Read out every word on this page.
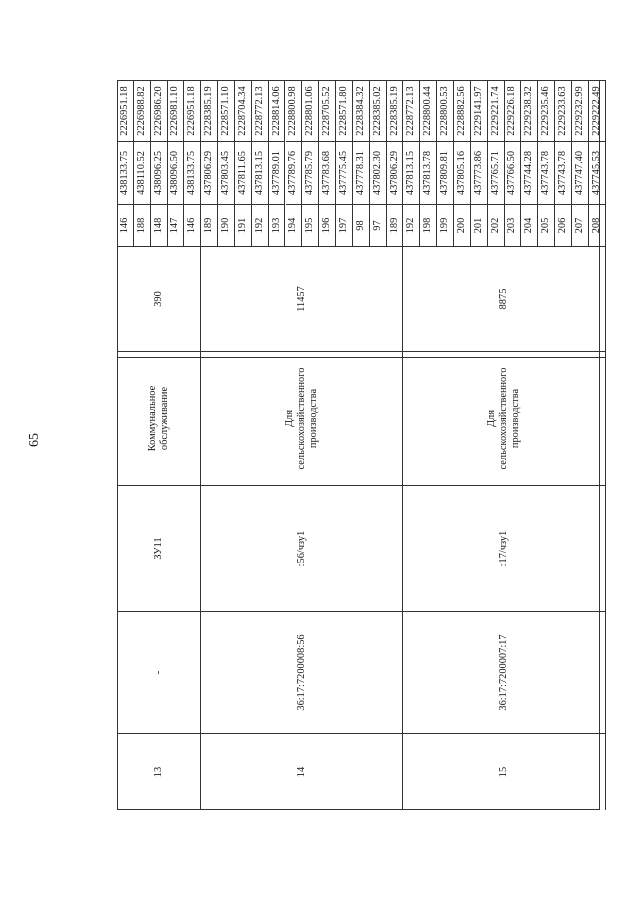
65
13
-
ЗУ11
Коммунальное обслуживание
390
146
438133.75
2226951.18
188
438110.52
2226988.82
148
438096.25
2226986.20
147
438096.50
2226981.10
146
438133.75
2226951.18
14
36:17:7200008:56
:56/чзу1
Для сельскохозяйственного производства
11457
189
437806.29
2228385.19
190
437803.45
2228571.10
191
437811.65
2228704.34
192
437813.15
2228772.13
193
437789.01
2228814.06
194
437789.76
2228800.98
195
437785.79
2228801.06
196
437783.68
2228705.52
197
437775.45
2228571.80
98
437778.31
2228384.32
97
437802.30
2228385.02
189
437806.29
2228385.19
15
36:17:7200007:17
:17/чзу1
Для сельскохозяйственного производства
8875
192
437813.15
2228772.13
198
437813.78
2228800.44
199
437809.81
2228800.53
200
437805.16
2228882.56
201
437773.86
2229141.97
202
437765.71
2229221.74
203
437766.50
2229226.18
204
437744.28
2229238.32
205
437743.78
2229235.46
206
437743.78
2229233.63
207
437747.40
2229232.99
208
437745.53
2229222.49
